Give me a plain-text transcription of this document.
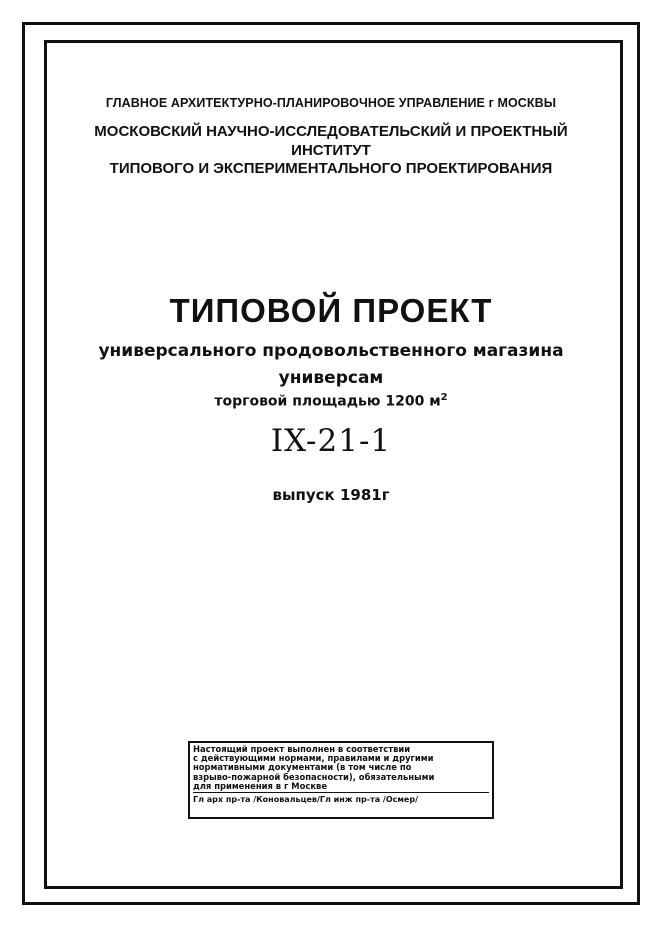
ГЛАВНОЕ АРХИТЕКТУРНО-ПЛАНИРОВОЧНОЕ УПРАВЛЕНИЕ г МОСКВЫ
МОСКОВСКИЙ НАУЧНО-ИССЛЕДОВАТЕЛЬСКИЙ И ПРОЕКТНЫЙ
ИНСТИТУТ
ТИПОВОГО И ЭКСПЕРИМЕНТАЛЬНОГО ПРОЕКТИРОВАНИЯ
ТИПОВОЙ ПРОЕКТ
универсального продовольственного магазина
универсам
торговой площадью 1200 $м^2$
IX-21-1
выпуск 1981г
Настоящий проект выполнен в соответствии
с действующими нормами, правилами и другими
нормативными документами (в том числе по
взрыво-пожарной безопасности), обязательными
для применения в г Москве
Гл арх пр-та /Коновальцев/Гл инж пр-та /Осмер/
